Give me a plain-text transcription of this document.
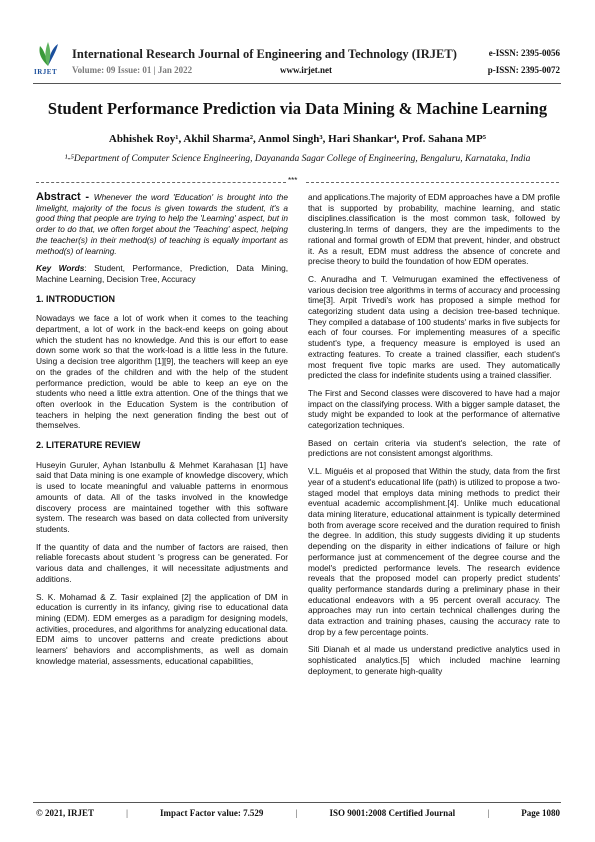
IRJET
International Research Journal of Engineering and Technology (IRJET)	e-ISSN: 2395-0056
Volume: 09 Issue: 01 | Jan 2022	www.irjet.net	p-ISSN: 2395-0072
Student Performance Prediction via Data Mining & Machine Learning
Abhishek Roy¹, Akhil Sharma², Anmol Singh³, Hari Shankar⁴, Prof. Sahana MP⁵
¹-⁵Department of Computer Science Engineering, Dayananda Sagar College of Engineering, Bengaluru, Karnataka, India
***

Abstract - Whenever the word 'Education' is brought into the limelight, majority of the focus is given towards the student, it's a good thing that people are trying to help the 'Learning' aspect, but in order to do that, we often forget about the 'Teaching' aspect, helping the teacher(s) in their method(s) of teaching is equally important as method(s) of learning.

Key Words: Student, Performance, Prediction, Data Mining, Machine Learning, Decision Tree, Accuracy

1. INTRODUCTION

Nowadays we face a lot of work when it comes to the teaching department, a lot of work in the back-end keeps on going about which the student has no knowledge. And this is our effort to ease down some work so that the work-load is a little less in the future. Using a decision tree algorithm [1][9], the teachers will keep an eye on the grades of the children and with the help of the student performance prediction, would be able to keep an eye on the students who need a little extra attention. One of the things that we often overlook in the Education System is the contribution of teachers in helping the next generation finding the best out of themselves.

2. LITERATURE REVIEW

Huseyin Guruler, Ayhan Istanbullu & Mehmet Karahasan [1] have said that Data mining is one example of knowledge discovery, which is used to locate meaningful and valuable patterns in enormous amounts of data. All of the tasks involved in the knowledge discovery process are maintained together with this software system. The research was based on data collected from university students.

If the quantity of data and the number of factors are raised, then reliable forecasts about student 's progress can be generated. For various data and challenges, it will necessitate adjustments and additions.

S. K. Mohamad & Z. Tasir explained [2] the application of DM in education is currently in its infancy, giving rise to educational data mining (EDM). EDM emerges as a paradigm for designing models, activities, procedures, and algorithms for analyzing educational data. EDM aims to uncover patterns and create predictions about learners' behaviors and accomplishments, as well as domain knowledge material, assessments, educational capabilities,

and applications.The majority of EDM approaches have a DM profile that is supported by probability, machine learning, and static disciplines.classification is the most common task, followed by clustering.In terms of dangers, they are the impediments to the rational and formal growth of EDM that prevent, hinder, and obstruct it. As a result, EDM must address the absence of concrete and precise theory to build the foundation of how EDM operates.

C. Anuradha and T. Velmurugan examined the effectiveness of various decision tree algorithms in terms of accuracy and processing time[3]. Arpit Trivedi's work has proposed a simple method for categorizing student data using a decision tree-based technique. They compiled a database of 100 students' marks in five subjects for each of four courses. For implementing measures of a specific student's type, a frequency measure is employed is used an extracting features. To create a trained classifier, each student's most frequent five topic marks are used. They automatically predicted the class for indefinite students using a trained classifier.

The First and Second classes were discovered to have had a major impact on the classifying process. With a bigger sample dataset, the study might be expanded to look at the performance of alternative categorization techniques.

Based on certain criteria via student's selection, the rate of predictions are not consistent amongst algorithms.

V.L. Miguéis et al proposed that Within the study, data from the first year of a student's educational life (path) is utilized to propose a two-staged model that employs data mining methods to predict their eventual academic accomplishment.[4]. Unlike much educational data mining literature, educational attainment is typically determined both from average score received and the duration required to finish the degree. In addition, this study suggests dividing it up students depending on the disparity in either indications of failure or high performance just at commencement of the degree course and the model's predicted performance levels. The research evidence reveals that the proposed model can properly predict students' quality performance standards during a preliminary phase in their educational endeavors with a 95 percent overall accuracy. The approaches may run into certain technical challenges during the data extraction and training phases, causing the accuracy rate to drop by a few percentage points.

Siti Dianah et al made us understand predictive analytics used in sophisticated analytics.[5] which included machine learning deployment, to generate high-quality

© 2021, IRJET	|	Impact Factor value: 7.529	|	ISO 9001:2008 Certified Journal	|	Page 1080
